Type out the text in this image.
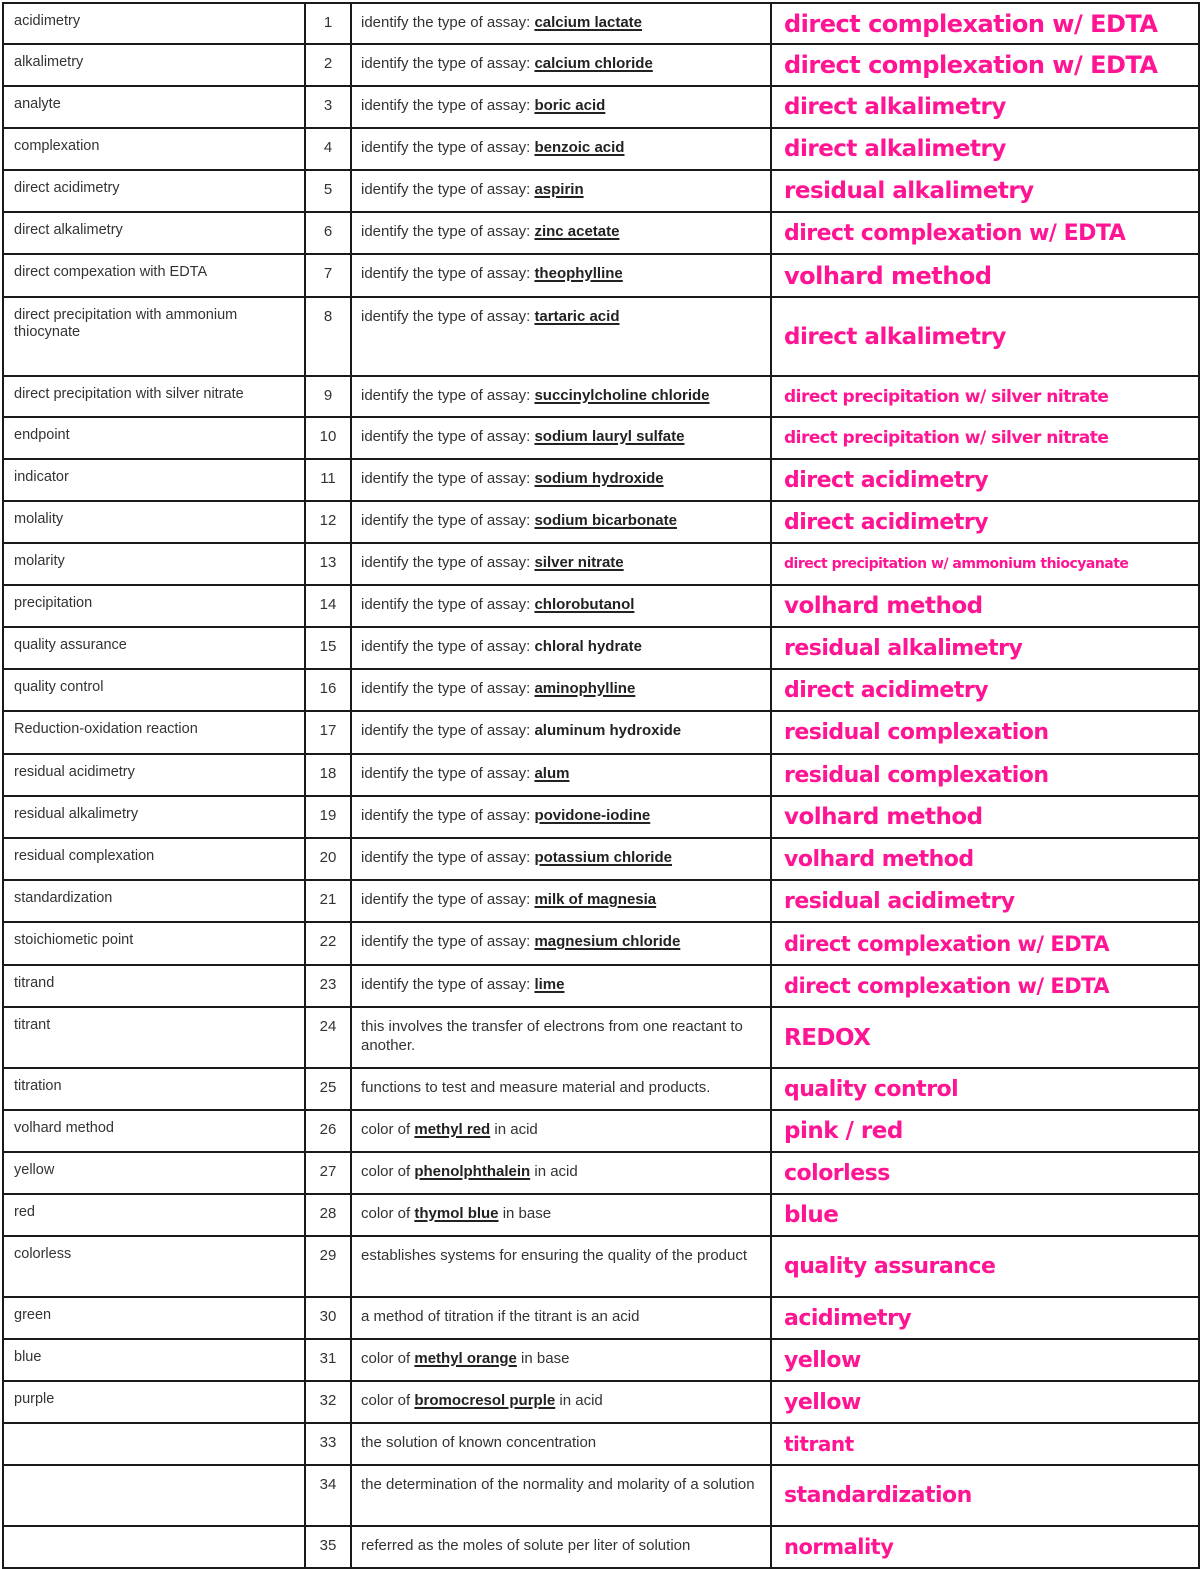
acidimetry	1	identify the type of assay: calcium lactate	direct complexation w/ EDTA
alkalimetry	2	identify the type of assay: calcium chloride	direct complexation w/ EDTA
analyte	3	identify the type of assay: boric acid	direct alkalimetry
complexation	4	identify the type of assay: benzoic acid	direct alkalimetry
direct acidimetry	5	identify the type of assay: aspirin	residual alkalimetry
direct alkalimetry	6	identify the type of assay: zinc acetate	direct complexation w/ EDTA
direct compexation with EDTA	7	identify the type of assay: theophylline	volhard method
direct precipitation with ammonium thiocynate	8	identify the type of assay: tartaric acid	direct alkalimetry
direct precipitation with silver nitrate	9	identify the type of assay: succinylcholine chloride	direct precipitation w/ silver nitrate
endpoint	10	identify the type of assay: sodium lauryl sulfate	direct precipitation w/ silver nitrate
indicator	11	identify the type of assay: sodium hydroxide	direct acidimetry
molality	12	identify the type of assay: sodium bicarbonate	direct acidimetry
molarity	13	identify the type of assay: silver nitrate	direct precipitation w/ ammonium thiocyanate
precipitation	14	identify the type of assay: chlorobutanol	volhard method
quality assurance	15	identify the type of assay: chloral hydrate	residual alkalimetry
quality control	16	identify the type of assay: aminophylline	direct acidimetry
Reduction-oxidation reaction	17	identify the type of assay: aluminum hydroxide	residual complexation
residual acidimetry	18	identify the type of assay: alum	residual complexation
residual alkalimetry	19	identify the type of assay: povidone-iodine	volhard method
residual complexation	20	identify the type of assay: potassium chloride	volhard method
standardization	21	identify the type of assay: milk of magnesia	residual acidimetry
stoichiometic point	22	identify the type of assay: magnesium chloride	direct complexation w/ EDTA
titrand	23	identify the type of assay: lime	direct complexation w/ EDTA
titrant	24	this involves the transfer of electrons from one reactant to another.	REDOX
titration	25	functions to test and measure material and products.	quality control
volhard method	26	color of methyl red in acid	pink / red
yellow	27	color of phenolphthalein in acid	colorless
red	28	color of thymol blue in base	blue
colorless	29	establishes systems for ensuring the quality of the product	quality assurance
green	30	a method of titration if the titrant is an acid	acidimetry
blue	31	color of methyl orange in base	yellow
purple	32	color of bromocresol purple in acid	yellow
	33	the solution of known concentration	titrant
	34	the determination of the normality and molarity of a solution	standardization
	35	referred as the moles of solute per liter of solution	normality
